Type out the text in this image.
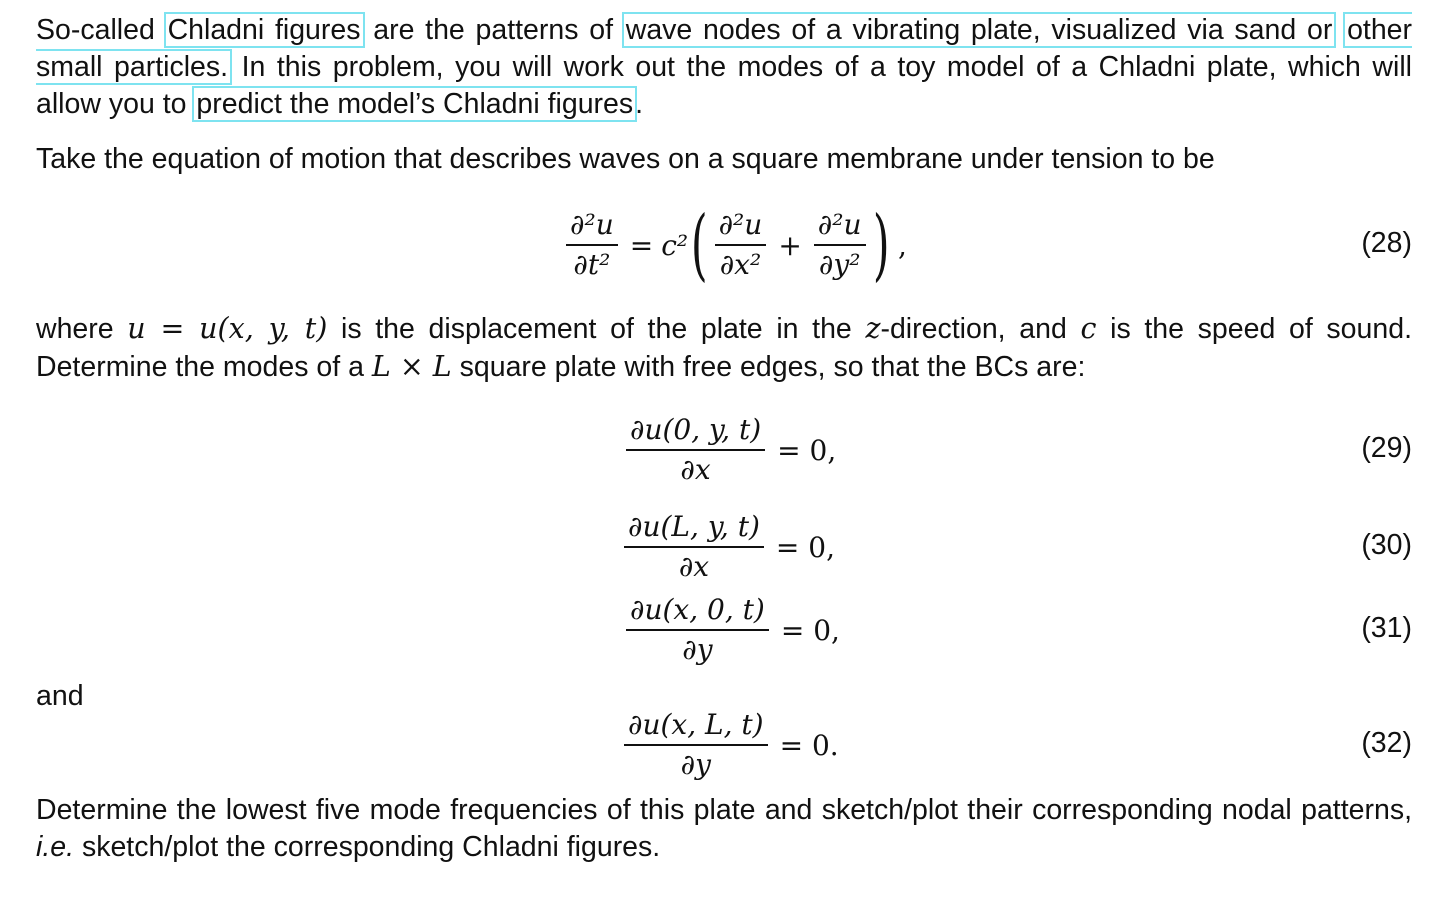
So-called Chladni figures are the patterns of wave nodes of a vibrating plate, visualized via sand or other small particles. In this problem, you will work out the modes of a toy model of a Chladni plate, which will allow you to predict the model’s Chladni figures.

Take the equation of motion that describes waves on a square membrane under tension to be

$\frac{\text{∂²u}}{\text{∂t²}} = c^2$ ( $\frac{\text{∂²u}}{\text{∂x²}} + \frac{\text{∂²u}}{\text{∂y²}}$ ) ,	(28)

where u = u(x, y, t) is the displacement of the plate in the z-direction, and c is the speed of sound. Determine the modes of a L × L square plate with free edges, so that the BCs are:

$\frac{\partial u(0, y, t)}{\partial x} = 0$,	(29)
$\frac{\partial u(L, y, t)}{\partial x} = 0$,	(30)
$\frac{\partial u(x, 0, t)}{\partial y} = 0$,	(31)
and
$\frac{\partial u(x, L, t)}{\partial y} = 0$.	(32)

Determine the lowest five mode frequencies of this plate and sketch/plot their corresponding nodal patterns, i.e. sketch/plot the corresponding Chladni figures.
